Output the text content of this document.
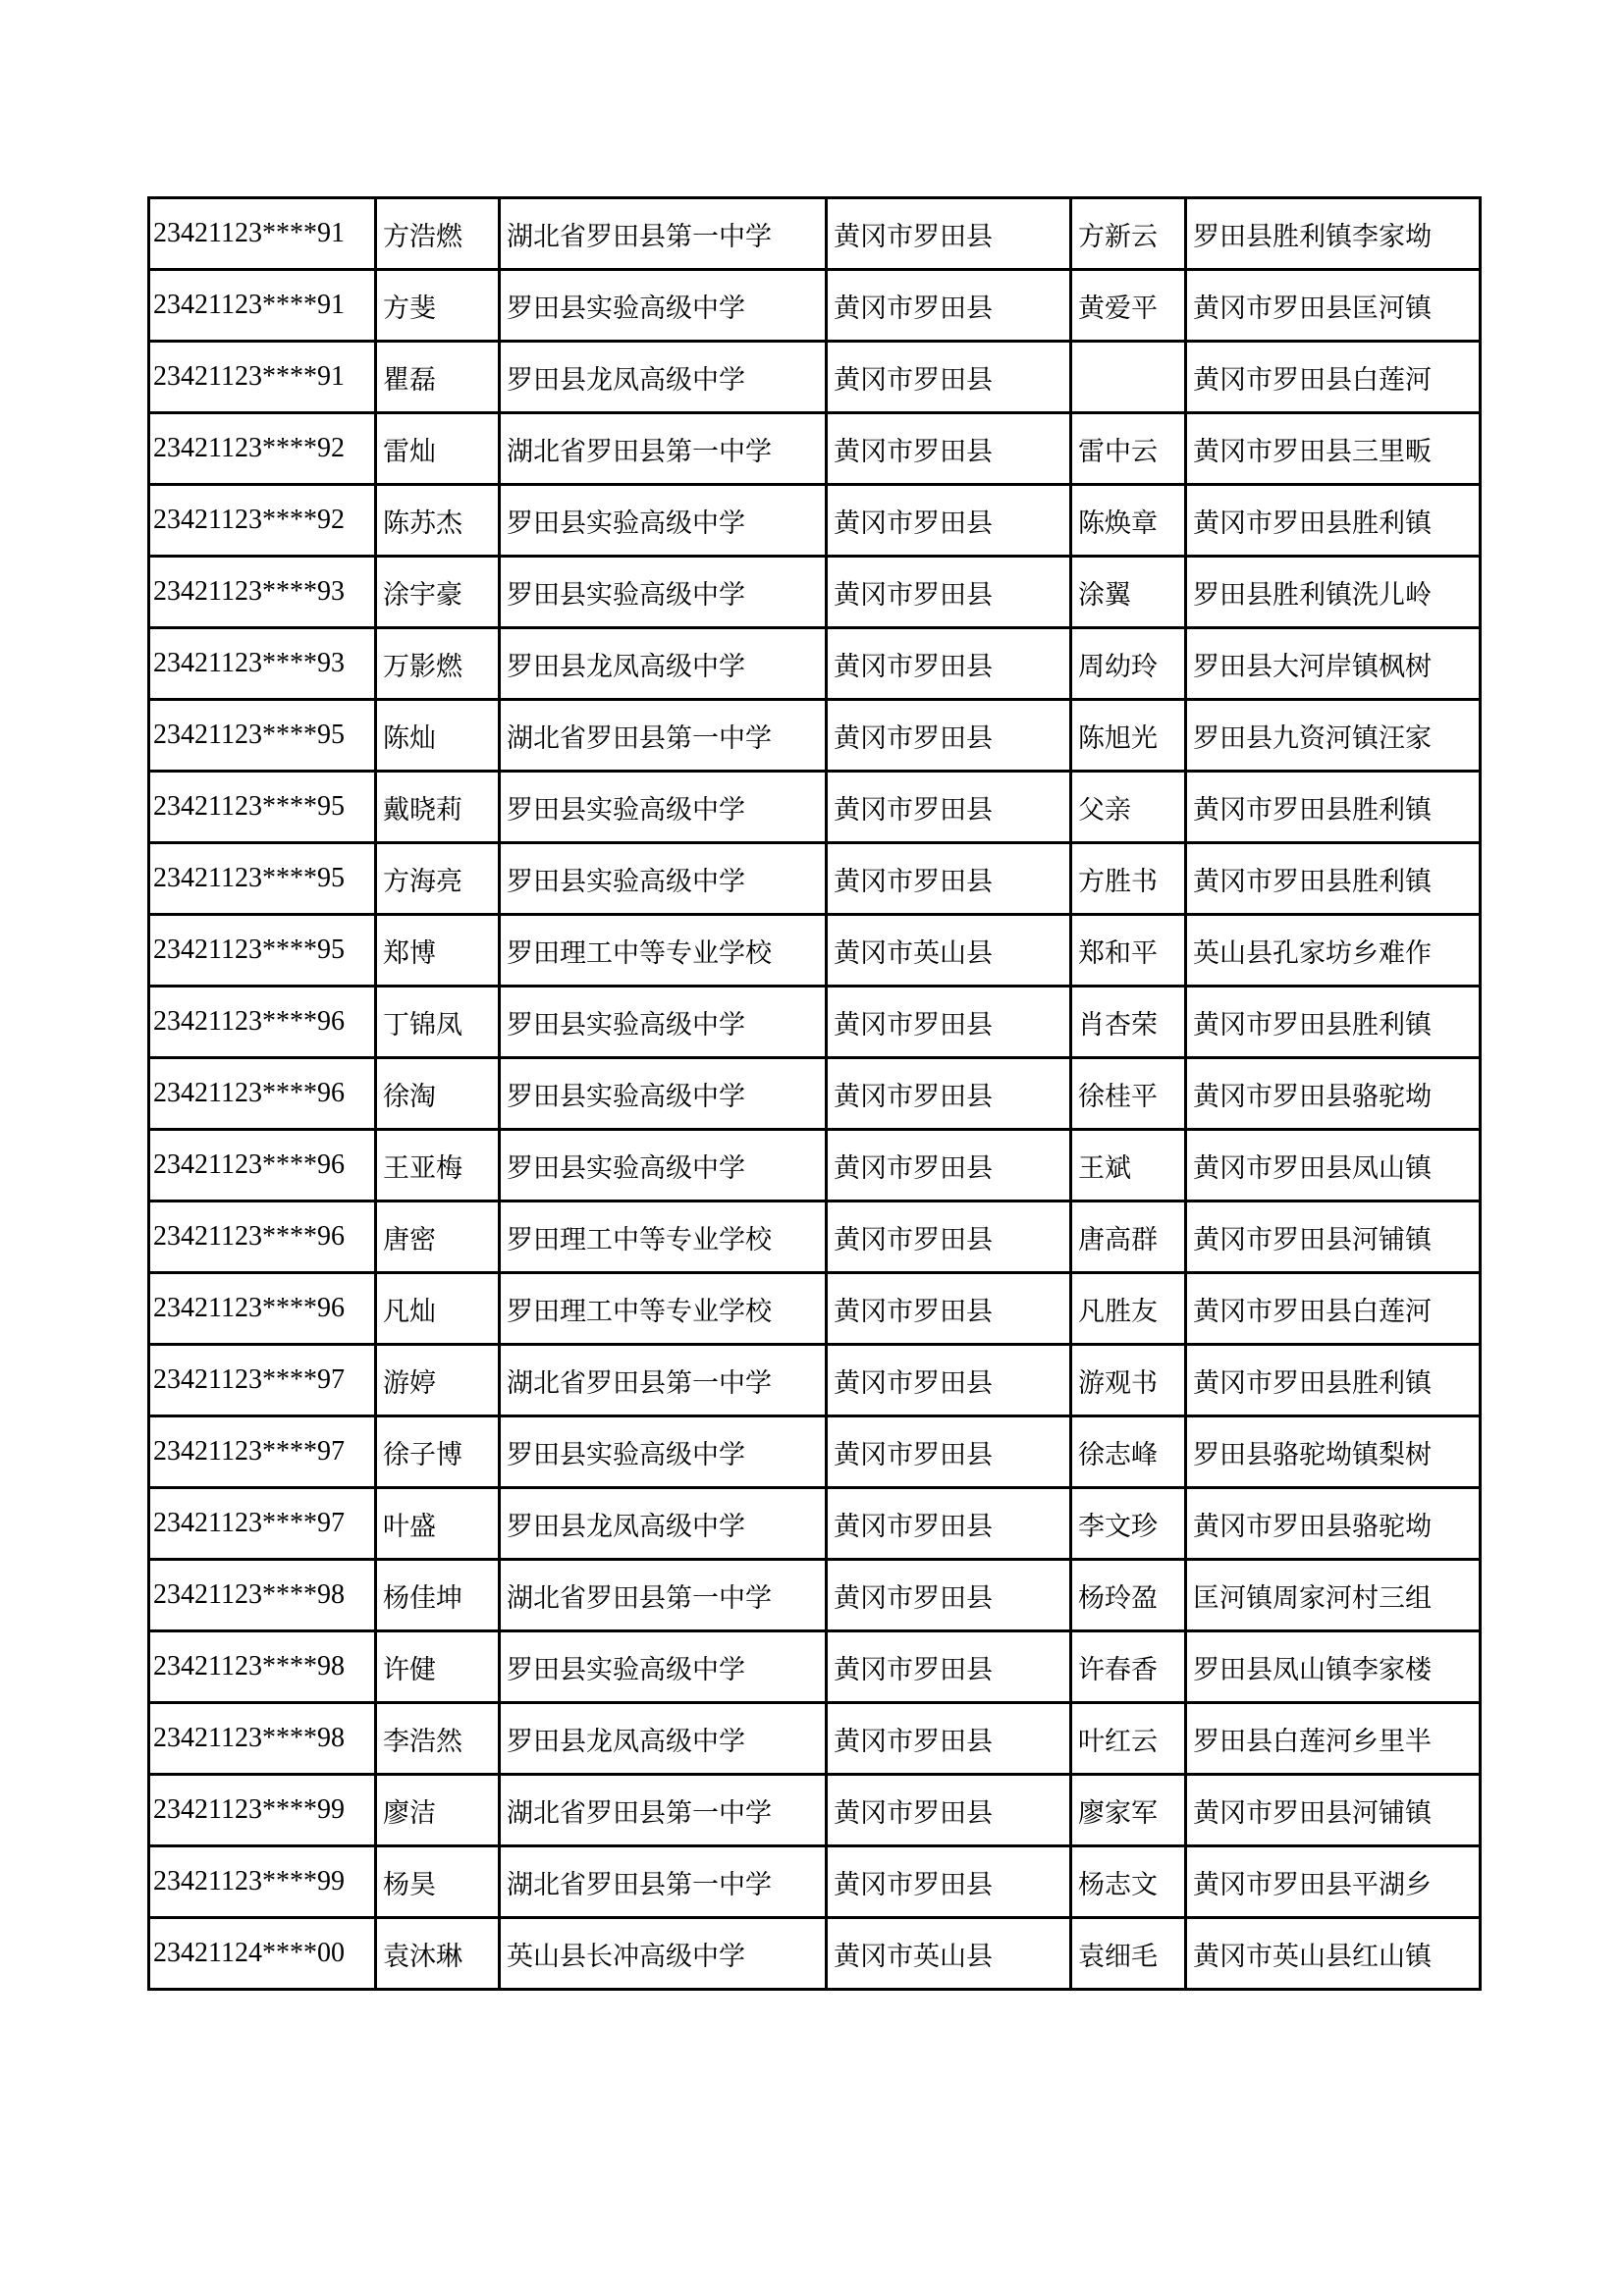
23421123****91	方浩燃	湖北省罗田县第一中学	黄冈市罗田县	方新云	罗田县胜利镇李家坳
23421123****91	方斐	罗田县实验高级中学	黄冈市罗田县	黄爱平	黄冈市罗田县匡河镇
23421123****91	瞿磊	罗田县龙凤高级中学	黄冈市罗田县		黄冈市罗田县白莲河
23421123****92	雷灿	湖北省罗田县第一中学	黄冈市罗田县	雷中云	黄冈市罗田县三里畈
23421123****92	陈苏杰	罗田县实验高级中学	黄冈市罗田县	陈焕章	黄冈市罗田县胜利镇
23421123****93	涂宇豪	罗田县实验高级中学	黄冈市罗田县	涂翼	罗田县胜利镇洗儿岭
23421123****93	万影燃	罗田县龙凤高级中学	黄冈市罗田县	周幼玲	罗田县大河岸镇枫树
23421123****95	陈灿	湖北省罗田县第一中学	黄冈市罗田县	陈旭光	罗田县九资河镇汪家
23421123****95	戴晓莉	罗田县实验高级中学	黄冈市罗田县	父亲	黄冈市罗田县胜利镇
23421123****95	方海亮	罗田县实验高级中学	黄冈市罗田县	方胜书	黄冈市罗田县胜利镇
23421123****95	郑博	罗田理工中等专业学校	黄冈市英山县	郑和平	英山县孔家坊乡难作
23421123****96	丁锦凤	罗田县实验高级中学	黄冈市罗田县	肖杏荣	黄冈市罗田县胜利镇
23421123****96	徐淘	罗田县实验高级中学	黄冈市罗田县	徐桂平	黄冈市罗田县骆驼坳
23421123****96	王亚梅	罗田县实验高级中学	黄冈市罗田县	王斌	黄冈市罗田县凤山镇
23421123****96	唐密	罗田理工中等专业学校	黄冈市罗田县	唐高群	黄冈市罗田县河铺镇
23421123****96	凡灿	罗田理工中等专业学校	黄冈市罗田县	凡胜友	黄冈市罗田县白莲河
23421123****97	游婷	湖北省罗田县第一中学	黄冈市罗田县	游观书	黄冈市罗田县胜利镇
23421123****97	徐子博	罗田县实验高级中学	黄冈市罗田县	徐志峰	罗田县骆驼坳镇梨树
23421123****97	叶盛	罗田县龙凤高级中学	黄冈市罗田县	李文珍	黄冈市罗田县骆驼坳
23421123****98	杨佳坤	湖北省罗田县第一中学	黄冈市罗田县	杨玲盈	匡河镇周家河村三组
23421123****98	许健	罗田县实验高级中学	黄冈市罗田县	许春香	罗田县凤山镇李家楼
23421123****98	李浩然	罗田县龙凤高级中学	黄冈市罗田县	叶红云	罗田县白莲河乡里半
23421123****99	廖洁	湖北省罗田县第一中学	黄冈市罗田县	廖家军	黄冈市罗田县河铺镇
23421123****99	杨昊	湖北省罗田县第一中学	黄冈市罗田县	杨志文	黄冈市罗田县平湖乡
23421124****00	袁沐琳	英山县长冲高级中学	黄冈市英山县	袁细毛	黄冈市英山县红山镇
